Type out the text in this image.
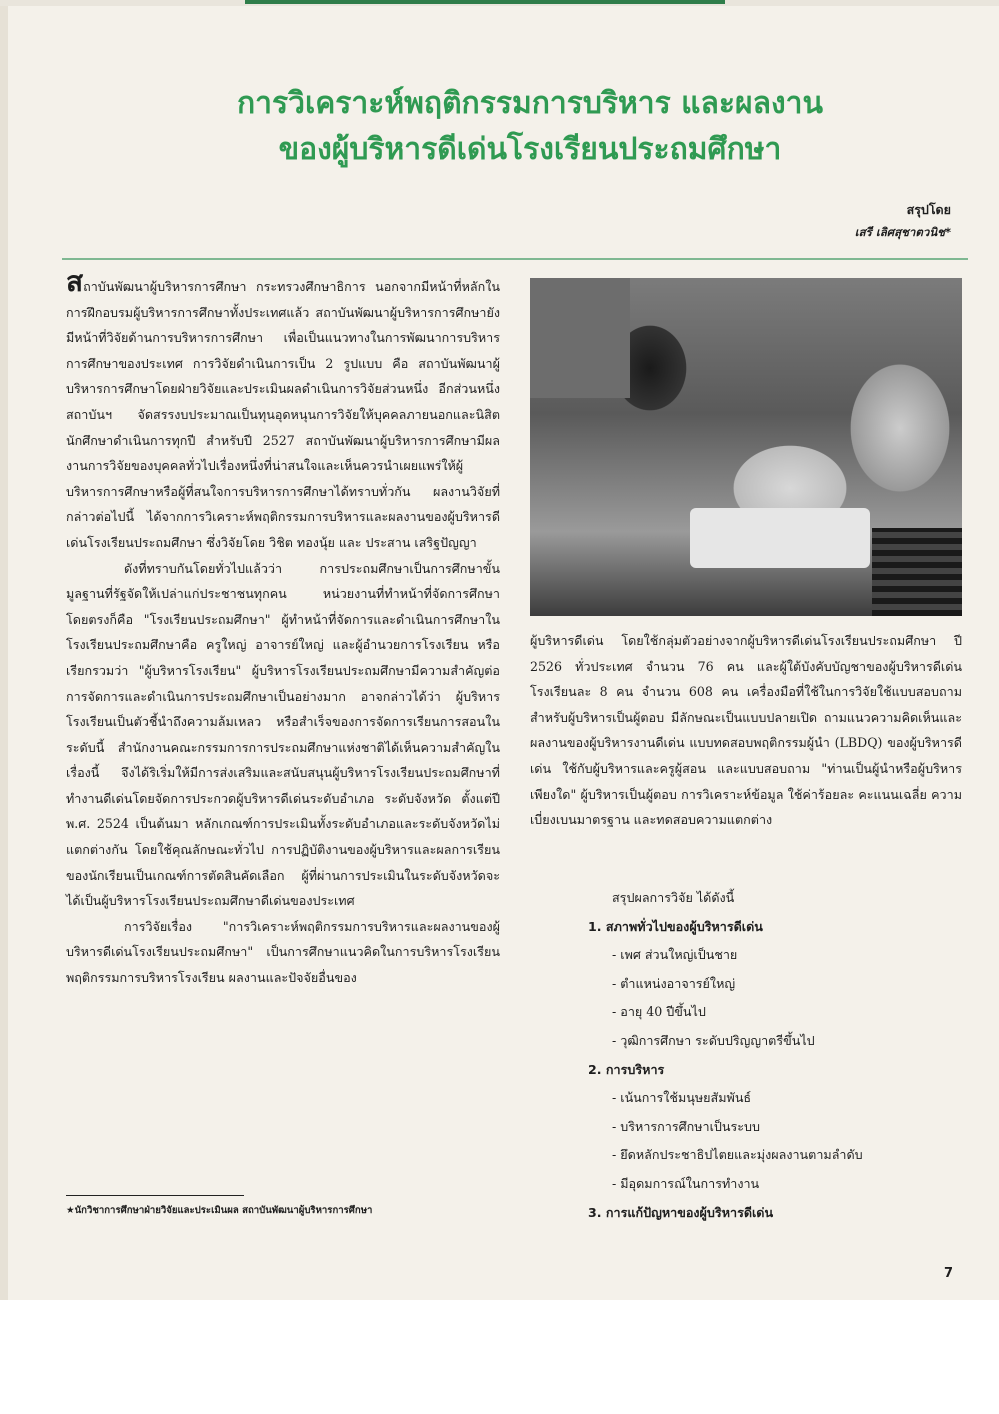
การวิเคราะห์พฤติกรรมการบริหาร และผลงาน
ของผู้บริหารดีเด่นโรงเรียนประถมศึกษา
สรุปโดย
เสรี เลิศสุชาตวนิช*

สถาบันพัฒนาผู้บริหารการศึกษา กระทรวงศึกษาธิการ นอกจากมีหน้าที่หลักในการฝึกอบรมผู้บริหารการศึกษาทั้งประเทศแล้ว สถาบันพัฒนาผู้บริหารการศึกษายังมีหน้าที่วิจัยด้านการบริหารการศึกษา เพื่อเป็นแนวทางในการพัฒนาการบริหารการศึกษาของประเทศ การวิจัยดำเนินการเป็น 2 รูปแบบ คือ สถาบันพัฒนาผู้บริหารการศึกษาโดยฝ่ายวิจัยและประเมินผลดำเนินการวิจัยส่วนหนึ่ง อีกส่วนหนึ่ง สถาบันฯ จัดสรรงบประมาณเป็นทุนอุดหนุนการวิจัยให้บุคคลภายนอกและนิสิตนักศึกษาดำเนินการทุกปี สำหรับปี 2527 สถาบันพัฒนาผู้บริหารการศึกษามีผลงานการวิจัยของบุคคลทั่วไปเรื่องหนึ่งที่น่าสนใจและเห็นควรนำเผยแพร่ให้ผู้บริหารการศึกษาหรือผู้ที่สนใจการบริหารการศึกษาได้ทราบทั่วกัน ผลงานวิจัยที่กล่าวต่อไปนี้ ได้จากการวิเคราะห์พฤติกรรมการบริหารและผลงานของผู้บริหารดีเด่นโรงเรียนประถมศึกษา ซึ่งวิจัยโดย วิชิต ทองนุ้ย และ ประสาน เสริฐปัญญา

ดังที่ทราบกันโดยทั่วไปแล้วว่า การประถมศึกษาเป็นการศึกษาขั้นมูลฐานที่รัฐจัดให้เปล่าแก่ประชาชนทุกคน หน่วยงานที่ทำหน้าที่จัดการศึกษาโดยตรงก็คือ "โรงเรียนประถมศึกษา" ผู้ทำหน้าที่จัดการและดำเนินการศึกษาในโรงเรียนประถมศึกษาคือ ครูใหญ่ อาจารย์ใหญ่ และผู้อำนวยการโรงเรียน หรือเรียกรวมว่า "ผู้บริหารโรงเรียน" ผู้บริหารโรงเรียนประถมศึกษามีความสำคัญต่อการจัดการและดำเนินการประถมศึกษาเป็นอย่างมาก อาจกล่าวได้ว่า ผู้บริหารโรงเรียนเป็นตัวชี้นำถึงความล้มเหลว หรือสำเร็จของการจัดการเรียนการสอนในระดับนี้ สำนักงานคณะกรรมการการประถมศึกษาแห่งชาติได้เห็นความสำคัญในเรื่องนี้ จึงได้ริเริ่มให้มีการส่งเสริมและสนับสนุนผู้บริหารโรงเรียนประถมศึกษาที่ทำงานดีเด่นโดยจัดการประกวดผู้บริหารดีเด่นระดับอำเภอ ระดับจังหวัด ตั้งแต่ปี พ.ศ. 2524 เป็นต้นมา หลักเกณฑ์การประเมินทั้งระดับอำเภอและระดับจังหวัดไม่แตกต่างกัน โดยใช้คุณลักษณะทั่วไป การปฏิบัติงานของผู้บริหารและผลการเรียนของนักเรียนเป็นเกณฑ์การตัดสินคัดเลือก ผู้ที่ผ่านการประเมินในระดับจังหวัดจะได้เป็นผู้บริหารโรงเรียนประถมศึกษาดีเด่นของประเทศ

การวิจัยเรื่อง "การวิเคราะห์พฤติกรรมการบริหารและผลงานของผู้บริหารดีเด่นโรงเรียนประถมศึกษา" เป็นการศึกษาแนวคิดในการบริหารโรงเรียน พฤติกรรมการบริหารโรงเรียน ผลงานและปัจจัยอื่นของ

ผู้บริหารดีเด่น โดยใช้กลุ่มตัวอย่างจากผู้บริหารดีเด่นโรงเรียนประถมศึกษา ปี 2526 ทั่วประเทศ จำนวน 76 คน และผู้ใต้บังคับบัญชาของผู้บริหารดีเด่นโรงเรียนละ 8 คน จำนวน 608 คน เครื่องมือที่ใช้ในการวิจัยใช้แบบสอบถาม สำหรับผู้บริหารเป็นผู้ตอบ มีลักษณะเป็นแบบปลายเปิด ถามแนวความคิดเห็นและผลงานของผู้บริหารงานดีเด่น แบบทดสอบพฤติกรรมผู้นำ (LBDQ) ของผู้บริหารดีเด่น ใช้กับผู้บริหารและครูผู้สอน และแบบสอบถาม "ท่านเป็นผู้นำหรือผู้บริหารเพียงใด" ผู้บริหารเป็นผู้ตอบ การวิเคราะห์ข้อมูล ใช้ค่าร้อยละ คะแนนเฉลี่ย ความเบี่ยงเบนมาตรฐาน และทดสอบความแตกต่าง

สรุปผลการวิจัย ได้ดังนี้
1. สภาพทั่วไปของผู้บริหารดีเด่น
- เพศ ส่วนใหญ่เป็นชาย
- ตำแหน่งอาจารย์ใหญ่
- อายุ 40 ปีขึ้นไป
- วุฒิการศึกษา ระดับปริญญาตรีขึ้นไป
2. การบริหาร
- เน้นการใช้มนุษยสัมพันธ์
- บริหารการศึกษาเป็นระบบ
- ยึดหลักประชาธิปไตยและมุ่งผลงานตามลำดับ
- มีอุดมการณ์ในการทำงาน
3. การแก้ปัญหาของผู้บริหารดีเด่น
★นักวิชาการศึกษาฝ่ายวิจัยและประเมินผล สถาบันพัฒนาผู้บริหารการศึกษา
7
